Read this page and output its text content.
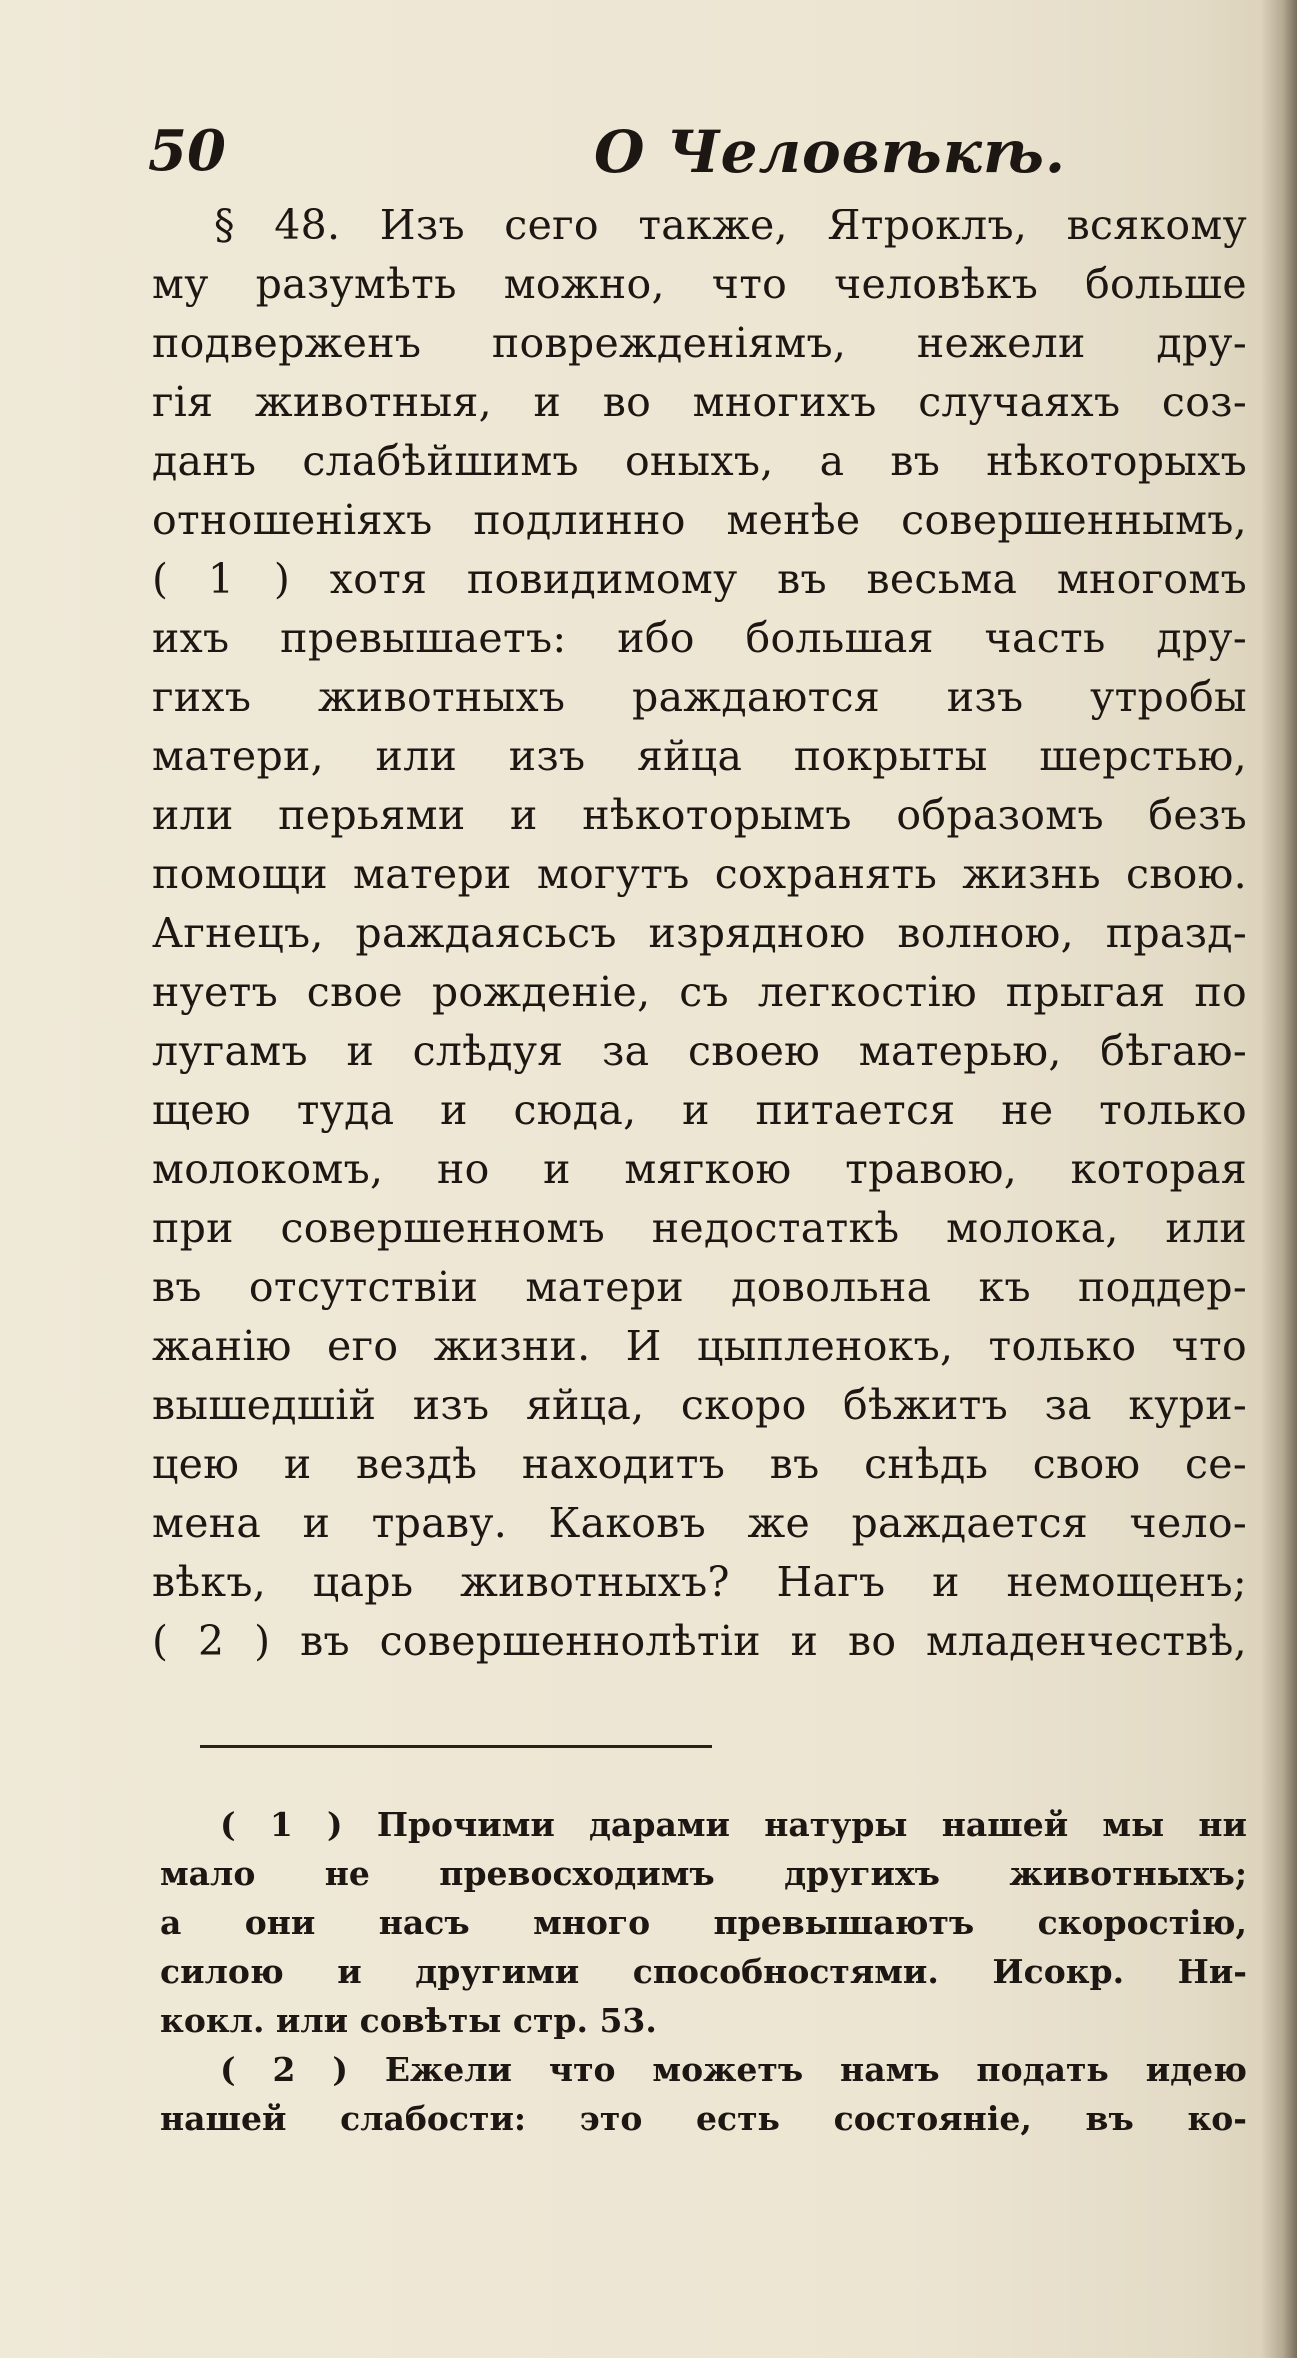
50	О Человѣкѣ.
§ 48. Изъ сего также, Ятроклъ, всякому
му разумѣть можно, что человѣкъ больше
подверженъ поврежденіямъ, нежели дру-
гія животныя, и во многихъ случаяхъ соз-
данъ слабѣйшимъ оныхъ, а въ нѣкоторыхъ
отношеніяхъ подлинно менѣе совершеннымъ,
( 1 ) хотя повидимому въ весьма многомъ
ихъ превышаетъ: ибо большая часть дру-
гихъ животныхъ раждаются изъ утробы
матери, или изъ яйца покрыты шерстью,
или перьями и нѣкоторымъ образомъ безъ
помощи матери могутъ сохранять жизнь свою.
Агнецъ, раждаясьсъ изрядною волною, празд-
нуетъ свое рожденіе, съ легкостію прыгая по
лугамъ и слѣдуя за своею матерью, бѣгаю-
щею туда и сюда, и питается не только
молокомъ, но и мягкою травою, которая
при совершенномъ недостаткѣ молока, или
въ отсутствіи матери довольна къ поддер-
жанію его жизни. И цыпленокъ, только что
вышедшій изъ яйца, скоро бѣжитъ за кури-
цею и вездѣ находитъ въ снѣдь свою се-
мена и траву. Каковъ же раждается чело-
вѣкъ, царь животныхъ? Нагъ и немощенъ;
( 2 ) въ совершеннолѣтіи и во младенчествѣ,
( 1 ) Прочими дарами натуры нашей мы ни
мало не превосходимъ другихъ животныхъ;
а они насъ много превышаютъ скоростію,
силою и другими способностями. Исокр. Ни-
кокл. или совѣты стр. 53.
( 2 ) Ежели что можетъ намъ подать идею
нашей слабости: это есть состояніе, въ ко-
